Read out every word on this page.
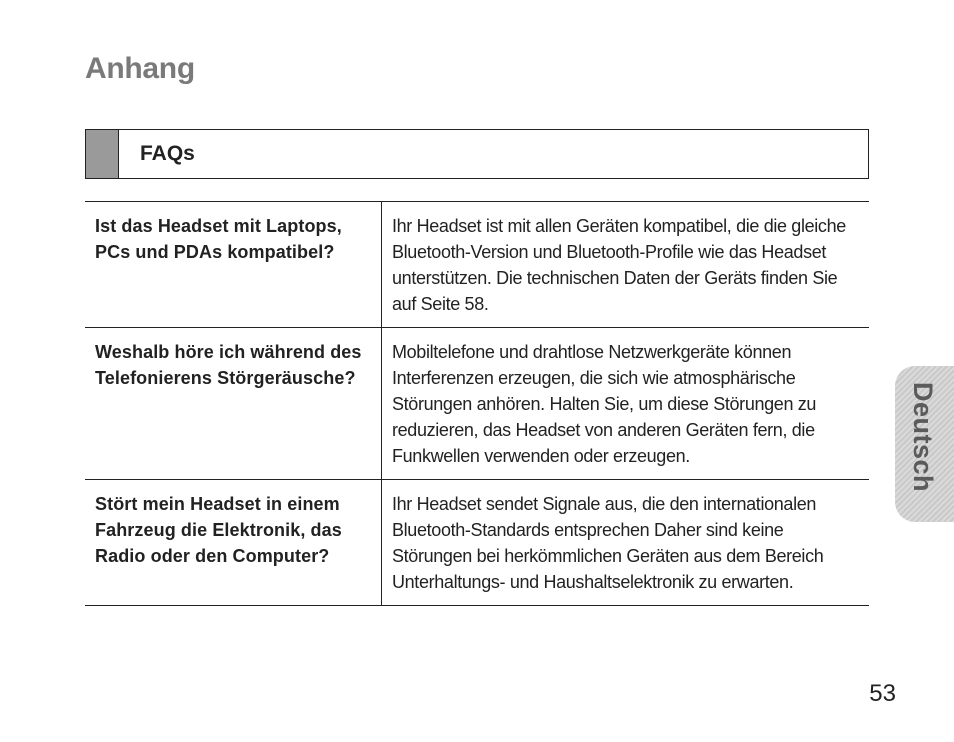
Anhang
FAQs
Ist das Headset mit Laptops, PCs und PDAs kompatibel?	Ihr Headset ist mit allen Geräten kompatibel, die die gleiche Bluetooth-Version und Bluetooth-Profile wie das Headset unterstützen. Die technischen Daten der Geräts finden Sie auf Seite 58.
Weshalb höre ich während des Telefonierens Störgeräusche?	Mobiltelefone und drahtlose Netzwerkgeräte können Interferenzen erzeugen, die sich wie atmosphärische Störungen anhören. Halten Sie, um diese Störungen zu reduzieren, das Headset von anderen Geräten fern, die Funkwellen verwenden oder erzeugen.
Stört mein Headset in einem Fahrzeug die Elektronik, das Radio oder den Computer?	Ihr Headset sendet Signale aus, die den internationalen Bluetooth-Standards entsprechen Daher sind keine Störungen bei herkömmlichen Geräten aus dem Bereich Unterhaltungs- und Haushaltselektronik zu erwarten.
Deutsch
53
